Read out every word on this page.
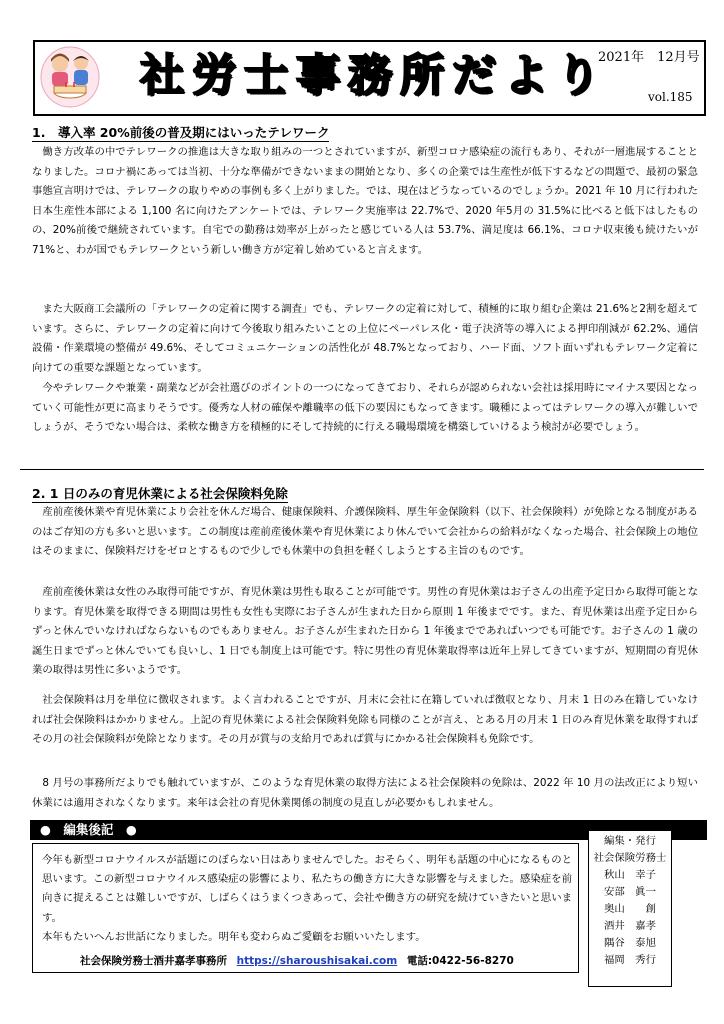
社労士事務所だより
2021年　12月号
vol.185
1.　導入率 20%前後の普及期にはいったテレワーク

働き方改革の中でテレワークの推進は大きな取り組みの一つとされていますが、新型コロナ感染症の流行もあり、それが一層進展することとなりました。コロナ禍にあっては当初、十分な準備ができないままの開始となり、多くの企業では生産性が低下するなどの問題で、最初の緊急事態宣言明けでは、テレワークの取りやめの事例も多く上がりました。では、現在はどうなっているのでしょうか。2021 年 10 月に行われた日本生産性本部による 1,100 名に向けたアンケートでは、テレワーク実施率は 22.7%で、2020 年5月の 31.5%に比べると低下はしたものの、20%前後で継続されています。自宅での勤務は効率が上がったと感じている人は 53.7%、満足度は 66.1%、コロナ収束後も続けたいが 71%と、わが国でもテレワークという新しい働き方が定着し始めていると言えます。

また大阪商工会議所の「テレワークの定着に関する調査」でも、テレワークの定着に対して、積極的に取り組む企業は 21.6%と2割を超えています。さらに、テレワークの定着に向けて今後取り組みたいことの上位にペーパレス化・電子決済等の導入による押印削減が 62.2%、通信設備・作業環境の整備が 49.6%、そしてコミュニケーションの活性化が 48.7%となっており、ハード面、ソフト面いずれもテレワーク定着に向けての重要な課題となっています。

今やテレワークや兼業・副業などが会社選びのポイントの一つになってきており、それらが認められない会社は採用時にマイナス要因となっていく可能性が更に高まりそうです。優秀な人材の確保や離職率の低下の要因にもなってきます。職種によってはテレワークの導入が難しいでしょうが、そうでない場合は、柔軟な働き方を積極的にそして持続的に行える職場環境を構築していけるよう検討が必要でしょう。

2. 1 日のみの育児休業による社会保険料免除

産前産後休業や育児休業により会社を休んだ場合、健康保険料、介護保険料、厚生年金保険料（以下、社会保険料）が免除となる制度があるのはご存知の方も多いと思います。この制度は産前産後休業や育児休業により休んでいて会社からの給料がなくなった場合、社会保険上の地位はそのままに、保険料だけをゼロとするもので少しでも休業中の負担を軽くしようとする主旨のものです。

産前産後休業は女性のみ取得可能ですが、育児休業は男性も取ることが可能です。男性の育児休業はお子さんの出産予定日から取得可能となります。育児休業を取得できる期間は男性も女性も実際にお子さんが生まれた日から原則 1 年後までです。また、育児休業は出産予定日からずっと休んでいなければならないものでもありません。お子さんが生まれた日から 1 年後までであればいつでも可能です。お子さんの 1 歳の誕生日までずっと休んでいても良いし、1 日でも制度上は可能です。特に男性の育児休業取得率は近年上昇してきていますが、短期間の育児休業の取得は男性に多いようです。

社会保険料は月を単位に徴収されます。よく言われることですが、月末に会社に在籍していれば徴収となり、月末 1 日のみ在籍していなければ社会保険料はかかりません。上記の育児休業による社会保険料免除も同様のことが言え、とある月の月末 1 日のみ育児休業を取得すればその月の社会保険料が免除となります。その月が賞与の支給月であれば賞与にかかる社会保険料も免除です。

8 月号の事務所だよりでも触れていますが、このような育児休業の取得方法による社会保険料の免除は、2022 年 10 月の法改正により短い休業には適用されなくなります。来年は会社の育児休業関係の制度の見直しが必要かもしれません。

●　編集後記　●

今年も新型コロナウイルスが話題にのぼらない日はありませんでした。おそらく、明年も話題の中心になるものと思います。この新型コロナウイルス感染症の影響により、私たちの働き方に大きな影響を与えました。感染症を前向きに捉えることは難しいですが、しばらくはうまくつきあって、会社や働き方の研究を続けていきたいと思います。
本年もたいへんお世話になりました。明年も変わらぬご愛顧をお願いいたします。

社会保険労務士酒井嘉孝事務所 https://sharoushisakai.com 電話:0422-56-8270
編集・発行
社会保険労務士
秋山　幸子
安部　眞一
奥山　　創
酒井　嘉孝
隅谷　泰旭
福岡　秀行
